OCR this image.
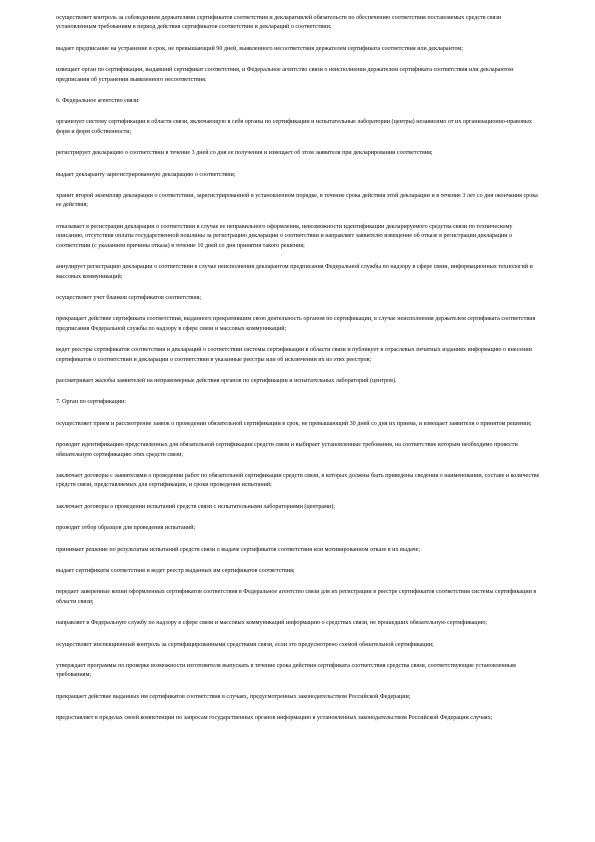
осуществляет контроль за соблюдением держателями сертификатов соответствия и декларативлей обязательств по обеспечению соответствия поставляемых средств связи установленным требованиям в период действия сертификатов соответствия и деклараций о соответствии;

выдает предписание на устранение в срок, не превышающий 90 дней, выявленного несоответствия держателем сертификата соответствия или декларантом;

извещает орган по сертификации, выдавший сертификат соответствия, и Федеральное агентство связи о неисполнении держателем сертификата соответствия или декларантом предписания об устранении выявленного несоответствия.

6. Федеральное агентство связи:

организует систему сертификации в области связи, включающую в себя органы по сертификации и испытательные лаборатории (центры) независимо от их организационно-правовых форм и форм собственности;

регистрирует декларацию о соответствии в течение 3 дней со дня ее получения и извещает об этом заявителя при декларировании соответствия;

выдает декларанту зарегистрированную декларацию о соответствии;

хранит второй экземпляр декларации о соответствии, зарегистрированной в установленном порядке, в течение срока действия этой декларации и в течение 3 лет со дня окончания срока ее действия;

отказывает в регистрации декларации о соответствии в случае ее неправильного оформления, невозможности идентификации декларируемого средства связи по техническому описанию, отсутствия оплаты государственной пошлины за регистрацию декларации о соответствии и направляет заявителю извещение об отказе в регистрации декларации о соответствии (с указанием причины отказа) в течение 10 дней со дня принятия такого решения;

аннулирует регистрацию декларации о соответствии в случае неисполнения декларантом предписания Федеральной службы по надзору в сфере связи, информационных технологий и массовых коммуникаций;

осуществляет учет бланков сертификатов соответствия;

прекращает действие сертификата соответствия, выданного прекратившим свою деятельность органом по сертификации, в случае неисполнения держателем сертификата соответствия предписания Федеральной службы по надзору в сфере связи и массовых коммуникаций;

ведет реестры сертификатов соответствия и деклараций о соответствии системы сертификации в области связи и публикует в отраслевых печатных изданиях информацию о внесении сертификатов о соответствии и декларации о соответствии в указанные реестры или об исключении их из этих реестров;

рассматривает жалобы заявителей на неправомерные действия органов по сертификации и испытательных лабораторий (центров).

7. Орган по сертификации:

осуществляет прием и рассмотрение заявок о проведении обязательной сертификации в срок, не превышающий 30 дней со дня их приема, и извещает заявителя о принятом решении;

проводит идентификацию представленных для обязательной сертификации средств связи и выбирает установленные требования, на соответствие которым необходимо провести обязательную сертификацию этих средств связи;

заключает договоры с заявителями о проведении работ по обязательной сертификации средств связи, в которых должны быть приведены сведения о наименовании, составе и количестве средств связи, представляемых для сертификации, и сроки проведения испытаний;

заключает договоры о проведении испытаний средств связи с испытательными лабораториями (центрами);

проводит отбор образцов для проведения испытаний;

принимает решение по результатам испытаний средств связи о выдаче сертификатов соответствия или мотивированном отказе в их выдаче;

выдает сертификаты соответствия и ведет реестр выданных им сертификатов соответствия;

передает заверенные копии оформленных сертификатов соответствия в Федеральное агентство связи для их регистрации в реестре сертификатов соответствия системы сертификации в области связи;

направляет в Федеральную службу по надзору в сфере связи и массовых коммуникаций информацию о средствах связи, не прошедших обязательную сертификацию;

осуществляет инспекционный контроль за сертифицированными средствами связи, если это предусмотрено схемой обязательной сертификации;

утверждает программы по проверке возможности изготовителя выпускать в течение срока действия сертификата соответствия средства связи, соответствующие установленным требованиям;

прекращает действие выданных им сертификатов соответствия в случаях, предусмотренных законодательством Российской Федерации;

предоставляет в пределах своей компетенции по запросам государственных органов информацию в установленных законодательством Российской Федерации случаях;
